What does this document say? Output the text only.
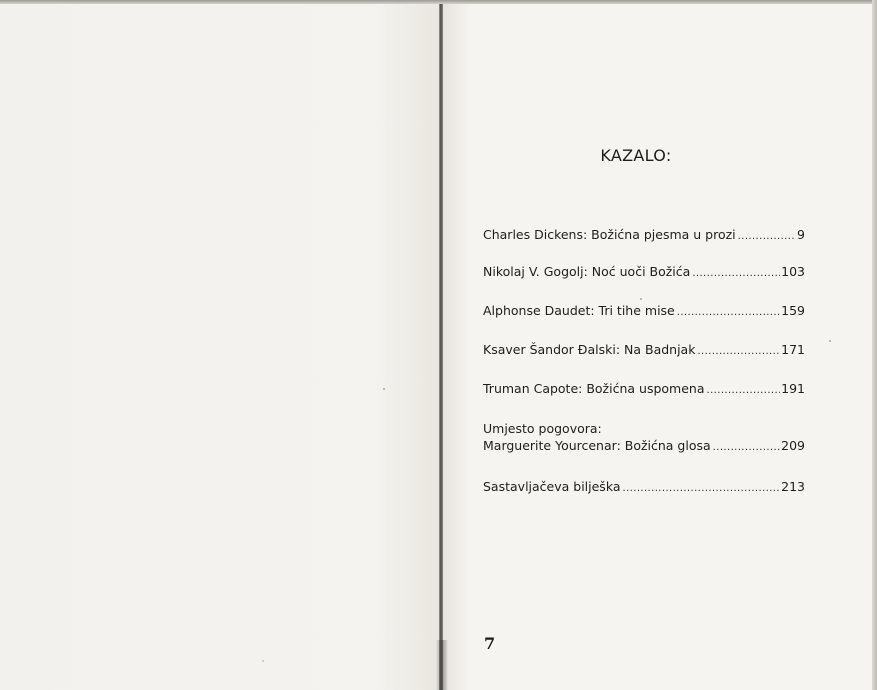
KAZALO:
Charles Dickens: Božićna pjesma u prozi .....	9
Nikolaj V. Gogolj: Noć uoči Božića .....	103
Alphonse Daudet: Tri tihe mise .....	159
Ksaver Šandor Đalski: Na Badnjak .....	171
Truman Capote: Božićna uspomena .....	191
Umjesto pogovora:
Marguerite Yourcenar: Božićna glosa .....	209
Sastavljačeva bilješka .....	213
7
